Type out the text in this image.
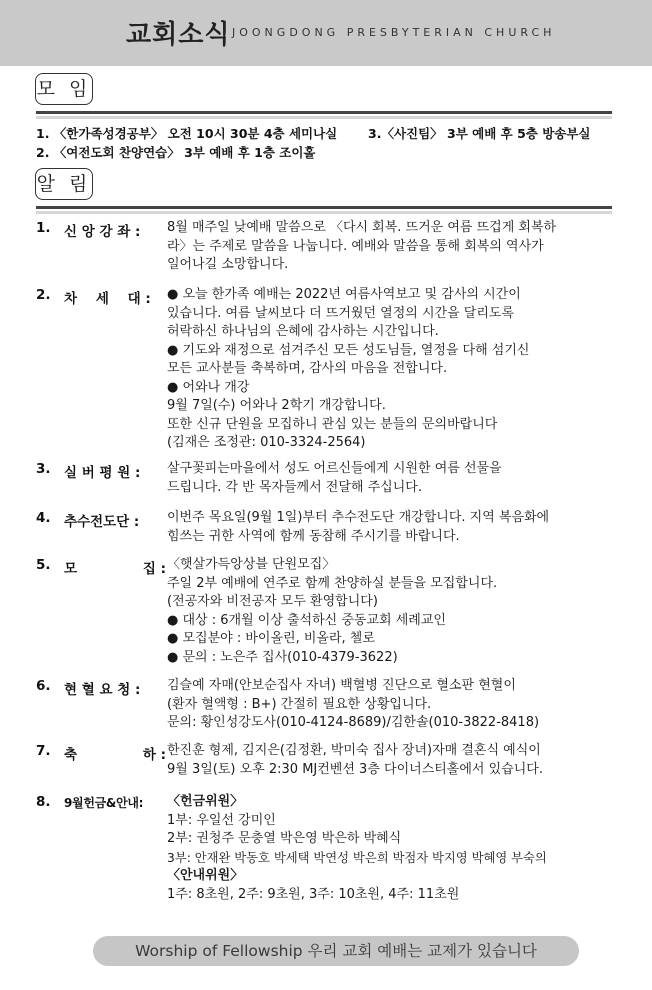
교회소식 JOONGDONG PRESBYTERIAN CHURCH
모 임
1. 〈한가족성경공부〉 오전 10시 30분 4층 세미나실 3.〈사진팀〉 3부 예배 후 5층 방송부실
2. 〈여전도회 찬양연습〉 3부 예배 후 1층 조이홀
알 림
1. 신 앙 강 좌 : 8월 매주일 낮예배 말씀으로 〈다시 회복. 뜨거운 여름 뜨겁게 회복하
라〉는 주제로 말씀을 나눕니다. 예배와 말씀을 통해 회복의 역사가
일어나길 소망합니다.
2. 차    세    대 : ● 오늘 한가족 예배는 2022년 여름사역보고 및 감사의 시간이
있습니다. 여름 날씨보다 더 뜨거웠던 열정의 시간을 달리도록
허락하신 하나님의 은혜에 감사하는 시간입니다.
● 기도와 재정으로 섬겨주신 모든 성도님들, 열정을 다해 섬기신
모든 교사분들 축복하며, 감사의 마음을 전합니다.
● 어와나 개강
9월 7일(수) 어와나 2학기 개강합니다.
또한 신규 단원을 모집하니 관심 있는 분들의 문의바랍니다
(김재은 조정관: 010-3324-2564)
3. 실 버 평 원 : 살구꽃피는마을에서 성도 어르신들에게 시원한 여름 선물을
드립니다. 각 반 목자들께서 전달해 주십니다.
4. 추수전도단 : 이번주 목요일(9월 1일)부터 추수전도단 개강합니다. 지역 복음화에
힘쓰는 귀한 사역에 함께 동참해 주시기를 바랍니다.
5. 모              집 : 〈햇살가득앙상블 단원모집〉
주일 2부 예배에 연주로 함께 찬양하실 분들을 모집합니다.
(전공자와 비전공자 모두 환영합니다)
● 대상 : 6개월 이상 출석하신 중동교회 세례교인
● 모집분야 : 바이올린, 비올라, 첼로
● 문의 : 노은주 집사(010-4379-3622)
6. 현 혈 요 청 : 김슬예 자매(안보순집사 자녀) 백혈병 진단으로 혈소판 현혈이
(환자 혈액형 : B+) 간절히 필요한 상황입니다.
문의: 황인성강도사(010-4124-8689)/김한솔(010-3822-8418)
7. 축              하 : 한진훈 형제, 김지은(김정환, 박미숙 집사 장녀)자매 결혼식 예식이
9월 3일(토) 오후 2:30 MJ컨벤션 3층 다이너스티홀에서 있습니다.
8. 9월헌금&안내: 〈헌금위원〉
1부: 우일선 강미인
2부: 권청주 문충열 박은영 박은하 박혜식
3부: 안재완 박동호 박세택 박연성 박은희 박점자 박지영 박혜영 부숙의
〈안내위원〉
1주: 8초원, 2주: 9초원, 3주: 10초원, 4주: 11초원
Worship of Fellowship 우리 교회 예배는 교제가 있습니다
